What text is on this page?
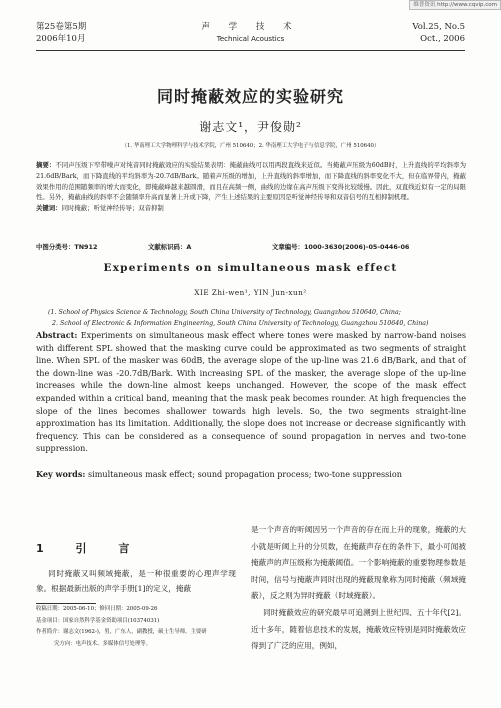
维普资讯 http://www.cqvip.com
第25卷第5期
2006年10月
声 学 技 术
Technical Acoustics
Vol.25, No.5
Oct., 2006
同时掩蔽效应的实验研究
谢志文¹，尹俊勋²
（1. 华南理工大学物理科学与技术学院，广州 510640；2. 华南理工大学电子与信息学院，广州 510640）
摘要：不同声压级下窄带噪声对纯音同时掩蔽效应的实验结果表明：掩蔽曲线可以用两段直线来近似。当掩蔽声压级为60dB时，上升直线的平均斜率为21.6dB/Bark，而下降直线的平均斜率为-20.7dB/Bark。随着声压级的增加，上升直线的斜率增加，而下降直线的斜率变化不大，但在临界带内，掩蔽效果作用的范围随频率的增大而变化，即掩蔽峰越来越圆滑，而且在高频一侧，曲线的边缘在高声压级下变得比较缓慢。因此，双直线近似有一定的局限性。另外，掩蔽曲线的斜率不会随频率升高而显著上升或下降，产生上述结果的主要原因是听觉神经传导和双音信号的互相抑制机理。
关键词：同时掩蔽；听觉神经传导；双音抑制
中图分类号：TN912	文献标识码：A	文章编号：1000-3630(2006)-05-0446-06
Experiments on simultaneous mask effect
XIE Zhi-wen¹, YIN Jun-xun²
(1. School of Physics Science & Technology, South China University of Technology, Guangzhou 510640, China;
2. School of Electronic & Information Engineering, South China University of Technology, Guangzhou 510640, China)
Abstract: Experiments on simultaneous mask effect where tones were masked by narrow-band noises with different SPL showed that the masking curve could be approximated as two segments of straight line. When SPL of the masker was 60dB, the average slope of the up-line was 21.6 dB/Bark, and that of the down-line was -20.7dB/Bark. With increasing SPL of the masker, the average slope of the up-line increases while the down-line almost keeps unchanged. However, the scope of the mask effect expanded within a critical band, meaning that the mask peak becomes rounder. At high frequencies the slope of the lines becomes shallower towards high levels. So, the two segments straight-line approximation has its limitation. Additionally, the slope does not increase or decrease significantly with frequency. This can be considered as a consequence of sound propagation in nerves and two-tone suppression.
Key words: simultaneous mask effect; sound propagation process; two-tone suppression
1 引 言
同时掩蔽又叫频域掩蔽，是一种很重要的心理声学现象。根据最新出版的声学手册[1]的定义，掩蔽
收稿日期：2005-06-10；修回日期：2005-09-26
基金项目：国家自然科学基金资助项目(10374031)
作者简介：谢志文(1962-)，男，广东人，副教授，硕士生导师，主要研
究方向：电声技术、多媒体信号处理等。

是一个声音的听阈因另一个声音的存在而上升的现象，掩蔽的大小就是听阈上升的分贝数，在掩蔽声存在的条件下，最小可闻被掩蔽声的声压级称为掩蔽阈值。一个影响掩蔽的重要物理参数是时间，信号与掩蔽声同时出现的掩蔽现象称为同时掩蔽（频域掩蔽），反之则为异时掩蔽（时域掩蔽）。

同时掩蔽效应的研究最早可追溯到上世纪四、五十年代[2]。近十多年，随着信息技术的发展，掩蔽效应特别是同时掩蔽效应得到了广泛的应用，例如，
